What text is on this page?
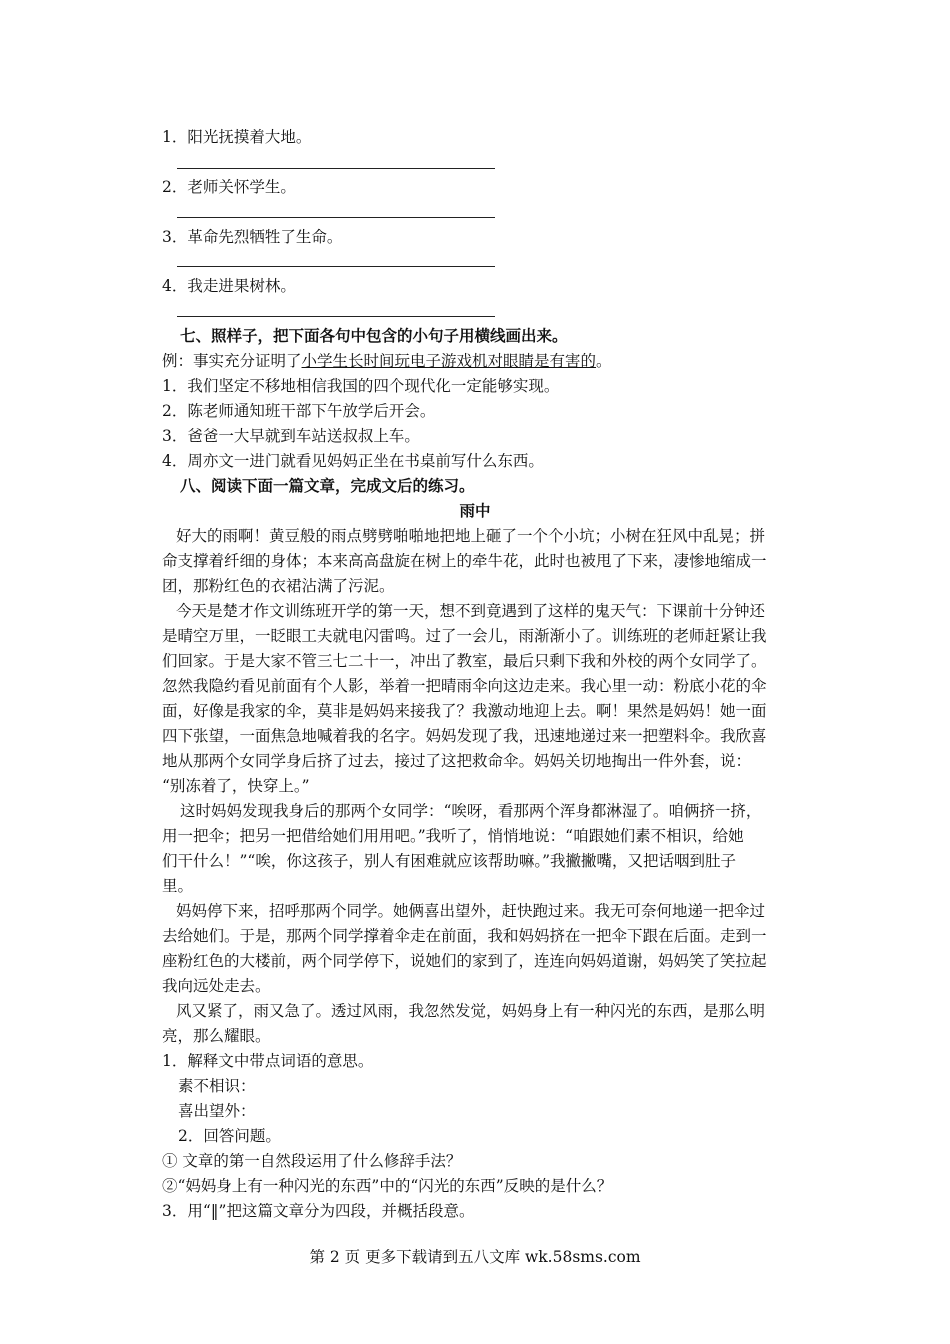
1．阳光抚摸着大地。
2．老师关怀学生。
3．革命先烈牺牲了生命。
4．我走进果树林。
七、照样子，把下面各句中包含的小句子用横线画出来。
例：事实充分证明了小学生长时间玩电子游戏机对眼睛是有害的。
1．我们坚定不移地相信我国的四个现代化一定能够实现。
2．陈老师通知班干部下午放学后开会。
3．爸爸一大早就到车站送叔叔上车。
4．周亦文一进门就看见妈妈正坐在书桌前写什么东西。
八、阅读下面一篇文章，完成文后的练习。
雨中
好大的雨啊！黄豆般的雨点劈劈啪啪地把地上砸了一个个小坑；小树在狂风中乱晃；拼
命支撑着纤细的身体；本来高高盘旋在树上的牵牛花，此时也被甩了下来，凄惨地缩成一
团，那粉红色的衣裙沾满了污泥。
今天是楚才作文训练班开学的第一天，想不到竟遇到了这样的鬼天气：下课前十分钟还
是晴空万里，一眨眼工夫就电闪雷鸣。过了一会儿，雨渐渐小了。训练班的老师赶紧让我
们回家。于是大家不管三七二十一，冲出了教室，最后只剩下我和外校的两个女同学了。
忽然我隐约看见前面有个人影，举着一把晴雨伞向这边走来。我心里一动：粉底小花的伞
面，好像是我家的伞，莫非是妈妈来接我了？我激动地迎上去。啊！果然是妈妈！她一面
四下张望，一面焦急地喊着我的名字。妈妈发现了我，迅速地递过来一把塑料伞。我欣喜
地从那两个女同学身后挤了过去，接过了这把救命伞。妈妈关切地掏出一件外套，说：
“别冻着了，快穿上。”
这时妈妈发现我身后的那两个女同学：“唉呀，看那两个浑身都淋湿了。咱俩挤一挤，
用一把伞；把另一把借给她们用用吧。”我听了，悄悄地说：“咱跟她们素不相识，给她
们干什么！”“唉，你这孩子，别人有困难就应该帮助嘛。”我撇撇嘴，又把话咽到肚子
里。
妈妈停下来，招呼那两个同学。她俩喜出望外，赶快跑过来。我无可奈何地递一把伞过
去给她们。于是，那两个同学撑着伞走在前面，我和妈妈挤在一把伞下跟在后面。走到一
座粉红色的大楼前，两个同学停下，说她们的家到了，连连向妈妈道谢，妈妈笑了笑拉起
我向远处走去。
风又紧了，雨又急了。透过风雨，我忽然发觉，妈妈身上有一种闪光的东西，是那么明
亮，那么耀眼。
1．解释文中带点词语的意思。
素不相识：
喜出望外：
2．回答问题。
① 文章的第一自然段运用了什么修辞手法？
②“妈妈身上有一种闪光的东西”中的“闪光的东西”反映的是什么？
3．用“‖”把这篇文章分为四段，并概括段意。
第 2 页 更多下载请到五八文库 wk.58sms.com
